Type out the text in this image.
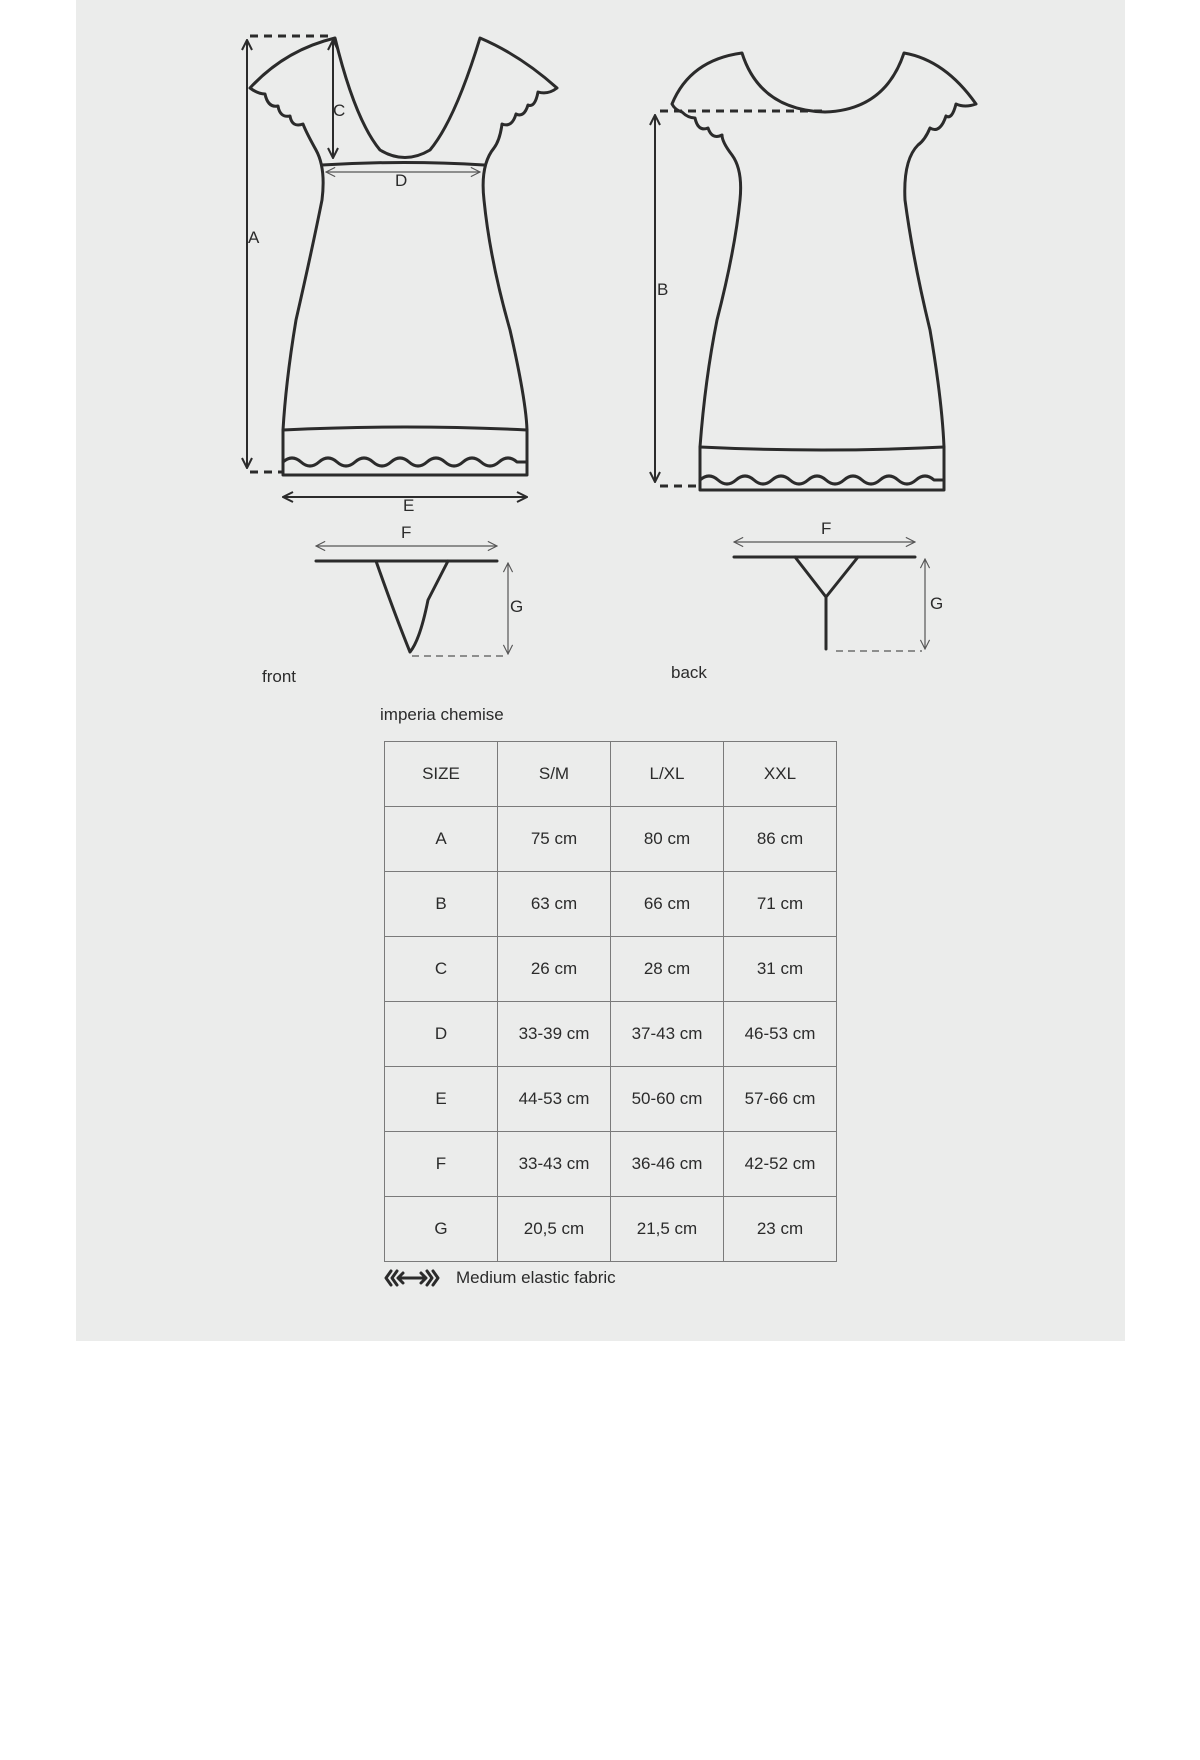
A
C
D
E
F
G
B
F
G
front	back
imperia chemise
SIZE	S/M	L/XL	XXL
A	75 cm	80 cm	86 cm
B	63 cm	66 cm	71 cm
C	26 cm	28 cm	31 cm
D	33-39 cm	37-43 cm	46-53 cm
E	44-53 cm	50-60 cm	57-66 cm
F	33-43 cm	36-46 cm	42-52 cm
G	20,5 cm	21,5 cm	23 cm
Medium elastic fabric
